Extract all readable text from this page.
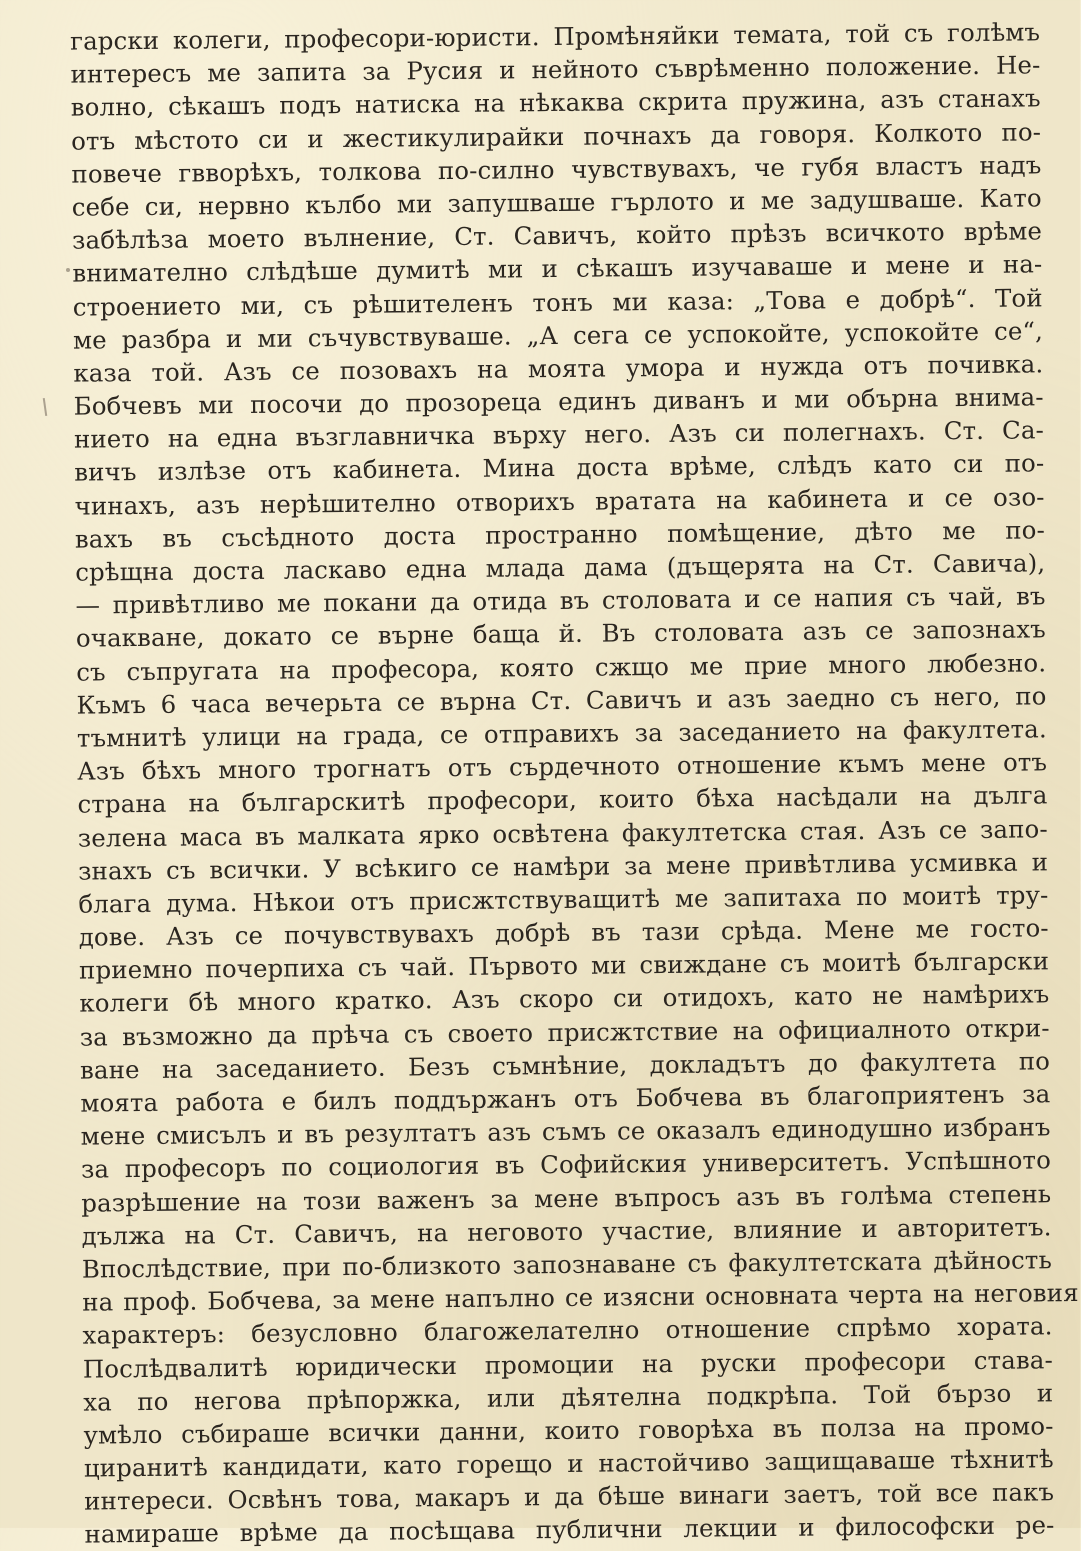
гарски колеги, професори-юристи. Промѣняйки темата, той съ голѣмъ
интересъ ме запита за Русия и нейното съврѣменно положение. Не-
волно, сѣкашъ подъ натиска на нѣкаква скрита пружина, азъ станахъ
отъ мѣстото си и жестикулирайки почнахъ да говоря. Колкото по-
повече гвворѣхъ, толкова по-силно чувствувахъ, че губя властъ надъ
себе си, нервно кълбо ми запушваше гърлото и ме задушваше. Като
забѣлѣза моето вълнение, Ст. Савичъ, който прѣзъ всичкото врѣме
внимателно слѣдѣше думитѣ ми и сѣкашъ изучаваше и мене и на-
строението ми, съ рѣшителенъ тонъ ми каза: „Това е добрѣ“. Той
ме разбра и ми съчувствуваше. „А сега се успокойте, успокойте се“,
каза той. Азъ се позовахъ на моята умора и нужда отъ почивка.
Бобчевъ ми посочи до прозореца единъ диванъ и ми обърна внима-
нието на една възглавничка върху него. Азъ си полегнахъ. Ст. Са-
вичъ излѣзе отъ кабинета. Мина доста врѣме, слѣдъ като си по-
чинахъ, азъ нерѣшително отворихъ вратата на кабинета и се озо-
вахъ въ съсѣдното доста пространно помѣщение, дѣто ме по-
срѣщна доста ласкаво една млада дама (дъщерята на Ст. Савича),
— привѣтливо ме покани да отида въ столовата и се напия съ чай, въ
очакване, докато се върне баща й. Въ столовата азъ се запознахъ
съ съпругата на професора, която сжщо ме прие много любезно.
Къмъ 6 часа вечерьта се върна Ст. Савичъ и азъ заедно съ него, по
тъмнитѣ улици на града, се отправихъ за заседанието на факултета.
Азъ бѣхъ много трогнатъ отъ сърдечното отношение къмъ мене отъ
страна на българскитѣ професори, които бѣха насѣдали на дълга
зелена маса въ малката ярко освѣтена факултетска стая. Азъ се запо-
знахъ съ всички. У всѣкиго се намѣри за мене привѣтлива усмивка и
блага дума. Нѣкои отъ присжтствуващитѣ ме запитаха по моитѣ тру-
дове. Азъ се почувствувахъ добрѣ въ тази срѣда. Мене ме госто-
приемно почерпиха съ чай. Първото ми свиждане съ моитѣ български
колеги бѣ много кратко. Азъ скоро си отидохъ, като не намѣрихъ
за възможно да прѣча съ своето присжтствие на официалното откри-
ване на заседанието. Безъ съмнѣние, докладътъ до факултета по
моята работа е билъ поддържанъ отъ Бобчева въ благоприятенъ за
мене смисълъ и въ резултатъ азъ съмъ се оказалъ единодушно избранъ
за професоръ по социология въ Софийския университетъ. Успѣшното
разрѣшение на този важенъ за мене въпросъ азъ въ голѣма степень
дължа на Ст. Савичъ, на неговото участие, влияние и авторитетъ.
Впослѣдствие, при по-близкото запознаване съ факултетската дѣйность
на проф. Бобчева, за мене напълно се изясни основната черта на неговия
характеръ: безусловно благожелателно отношение спрѣмо хората.
Послѣдвалитѣ юридически промоции на руски професори става-
ха по негова прѣпоржка, или дѣятелна подкрѣпа. Той бързо и
умѣло събираше всички данни, които говорѣха въ полза на промо-
циранитѣ кандидати, като горещо и настойчиво защищаваше тѣхнитѣ
интереси. Освѣнъ това, макаръ и да бѣше винаги заетъ, той все пакъ
намираше врѣме да посѣщава публични лекции и философски ре-
